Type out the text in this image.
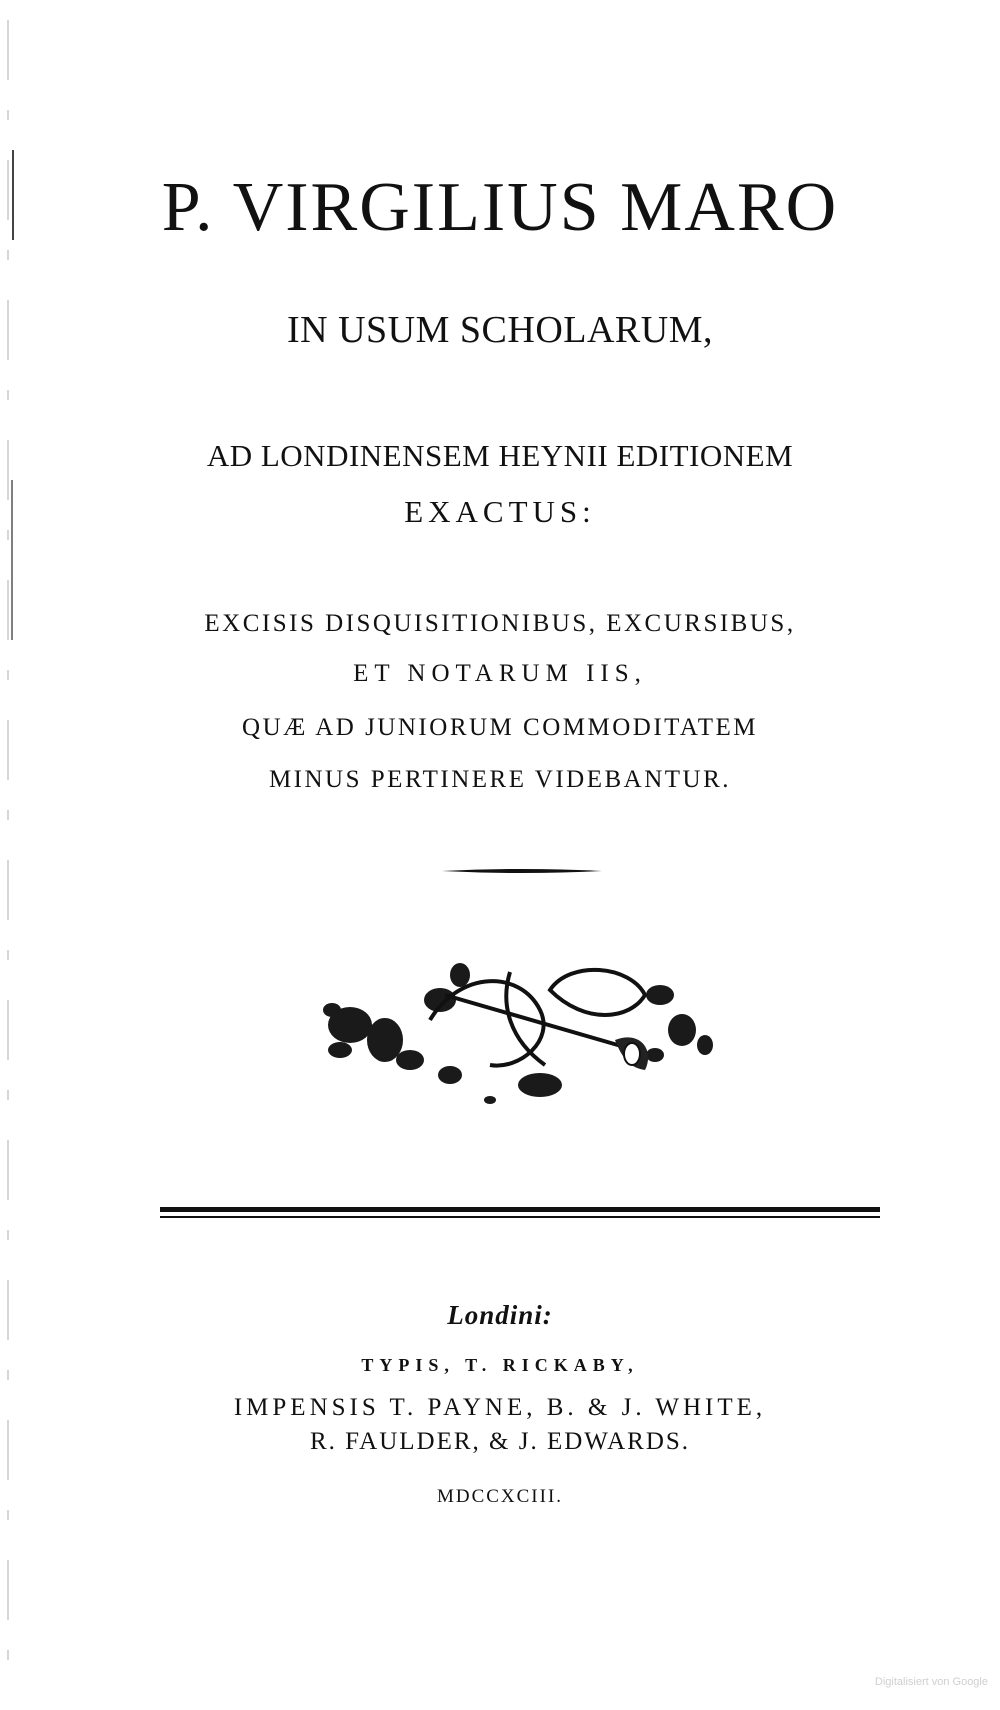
P. VIRGILIUS MARO
IN USUM SCHOLARUM,
AD LONDINENSEM HEYNII EDITIONEM
EXACTUS:
EXCISIS DISQUISITIONIBUS, EXCURSIBUS,
ET NOTARUM IIS,
QUÆ AD JUNIORUM COMMODITATEM
MINUS PERTINERE VIDEBANTUR.
Londini:
TYPIS, T. RICKABY,
IMPENSIS T. PAYNE, B. & J. WHITE,
R. FAULDER, & J. EDWARDS.
MDCCXCIII.
Digitalisiert von Google
